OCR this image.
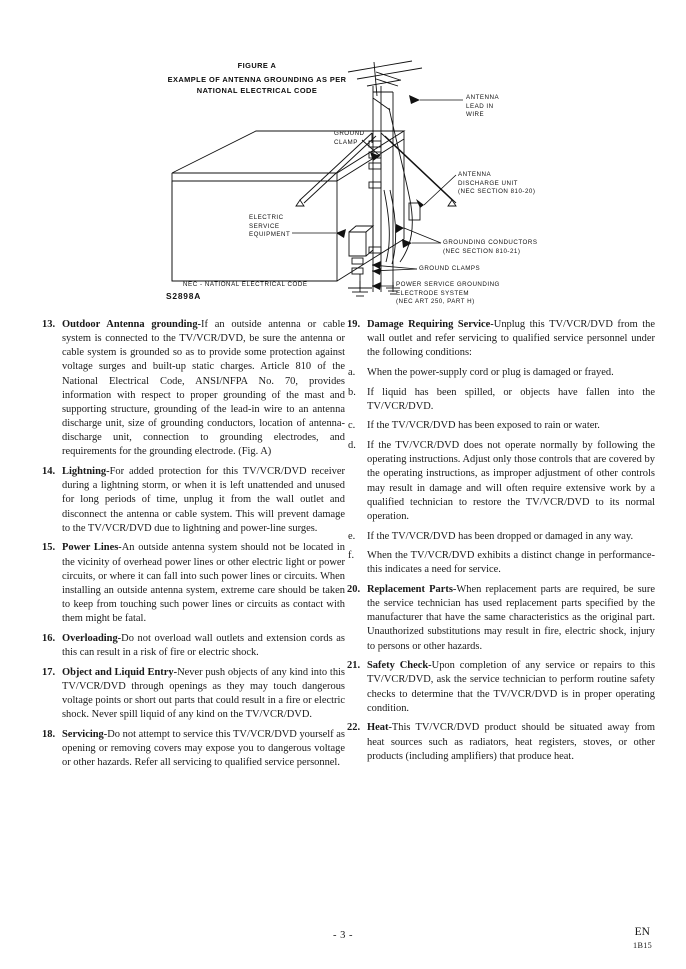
FIGURE A
EXAMPLE OF ANTENNA GROUNDING AS PER
NATIONAL ELECTRICAL CODE
ANTENNA
LEAD IN
WIRE
GROUND
CLAMP
ELECTRIC
SERVICE
EQUIPMENT
ANTENNA
DISCHARGE UNIT
(NEC SECTION 810-20)
GROUNDING CONDUCTORS
(NEC SECTION 810-21)
GROUND CLAMPS
POWER SERVICE GROUNDING
ELECTRODE SYSTEM
(NEC ART 250, PART H)
NEC - NATIONAL ELECTRICAL CODE
S2898A
13. Outdoor Antenna grounding-If an outside antenna or cable system is connected to the TV/VCR/DVD, be sure the antenna or cable system is grounded so as to provide some protection against voltage surges and built-up static charges. Article 810 of the National Electrical Code, ANSI/NFPA No. 70, provides information with respect to proper grounding of the mast and supporting structure, grounding of the lead-in wire to an antenna discharge unit, size of grounding conductors, location of antenna-discharge unit, connection to grounding electrodes, and requirements for the grounding electrode. (Fig. A)
14. Lightning-For added protection for this TV/VCR/DVD receiver during a lightning storm, or when it is left unattended and unused for long periods of time, unplug it from the wall outlet and disconnect the antenna or cable system. This will prevent damage to the TV/VCR/DVD due to lightning and power-line surges.
15. Power Lines-An outside antenna system should not be located in the vicinity of overhead power lines or other electric light or power circuits, or where it can fall into such power lines or circuits. When installing an outside antenna system, extreme care should be taken to keep from touching such power lines or circuits as contact with them might be fatal.
16. Overloading-Do not overload wall outlets and extension cords as this can result in a risk of fire or electric shock.
17. Object and Liquid Entry-Never push objects of any kind into this TV/VCR/DVD through openings as they may touch dangerous voltage points or short out parts that could result in a fire or electric shock. Never spill liquid of any kind on the TV/VCR/DVD.
18. Servicing-Do not attempt to service this TV/VCR/DVD yourself as opening or removing covers may expose you to dangerous voltage or other hazards. Refer all servicing to qualified service personnel.
19. Damage Requiring Service-Unplug this TV/VCR/DVD from the wall outlet and refer servicing to qualified service personnel under the following conditions:
a. When the power-supply cord or plug is damaged or frayed.
b. If liquid has been spilled, or objects have fallen into the TV/VCR/DVD.
c. If the TV/VCR/DVD has been exposed to rain or water.
d. If the TV/VCR/DVD does not operate normally by following the operating instructions. Adjust only those controls that are covered by the operating instructions, as improper adjustment of other controls may result in damage and will often require extensive work by a qualified technician to restore the TV/VCR/DVD to its normal operation.
e. If the TV/VCR/DVD has been dropped or damaged in any way.
f. When the TV/VCR/DVD exhibits a distinct change in performance-this indicates a need for service.
20. Replacement Parts-When replacement parts are required, be sure the service technician has used replacement parts specified by the manufacturer that have the same characteristics as the original part. Unauthorized substitutions may result in fire, electric shock, injury to persons or other hazards.
21. Safety Check-Upon completion of any service or repairs to this TV/VCR/DVD, ask the service technician to perform routine safety checks to determine that the TV/VCR/DVD is in proper operating condition.
22. Heat-This TV/VCR/DVD product should be situated away from heat sources such as radiators, heat registers, stoves, or other products (including amplifiers) that produce heat.
- 3 -	EN
1B15
